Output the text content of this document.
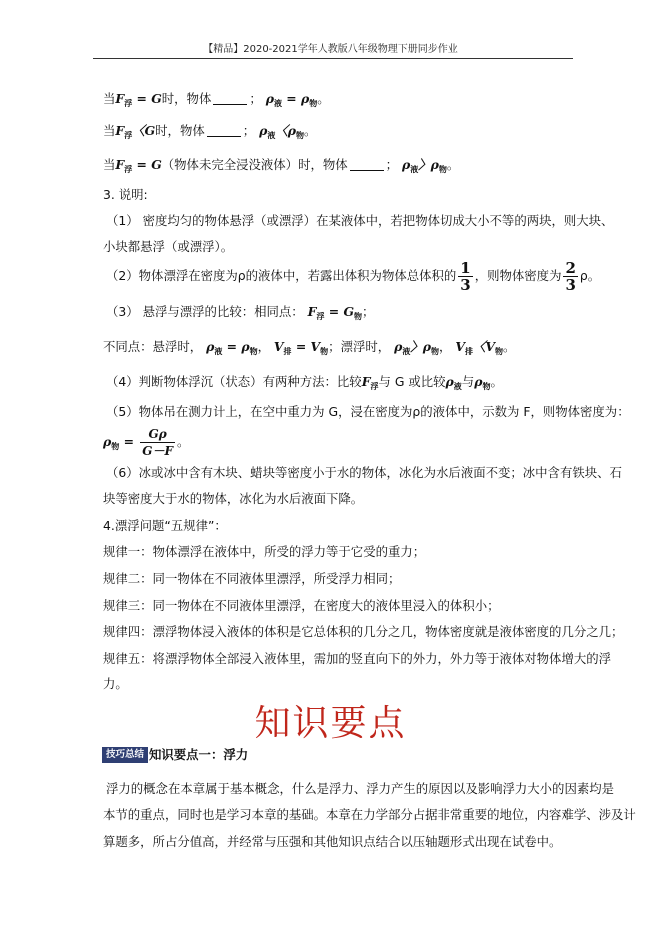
【精品】2020-2021学年人教版八年级物理下册同步作业
当$F_浮 = G$时，物体	； $\rho_液 = \rho_物$。
当$F_浮$〈G时，物体	； $\rho_液$〈$\rho_物$。
当$F_浮 = G$（物体未完全浸没液体）时，物体	； $\rho_液$〉$\rho_物$。
3. 说明:
（1） 密度均匀的物体悬浮（或漂浮）在某液体中，若把物体切成大小不等的两块，则大块、
小块都悬浮（或漂浮）。
（2）物体漂浮在密度为ρ的液体中，若露出体积为物体总体积的 $\frac{1}{3}$ ，则物体密度为 $\frac{2}{3}$ ρ。
（3） 悬浮与漂浮的比较：相同点： $F_浮 = G_物$；
不同点：悬浮时， $\rho_液 = \rho_物$， $V_排 = V_物$；漂浮时， $\rho_液$〉$\rho_物$， $V_排$〈$V_物$。
（4）判断物体浮沉（状态）有两种方法：比较$F_浮$与 G 或比较$\rho_液$与$\rho_物$。
（5）物体吊在测力计上，在空中重力为 G，浸在密度为ρ的液体中，示数为 F，则物体密度为：
$\rho_物 = \frac{G\rho}{G-F}$ 。
（6）冰或冰中含有木块、蜡块等密度小于水的物体，冰化为水后液面不变；冰中含有铁块、石
块等密度大于水的物体，冰化为水后液面下降。
4.漂浮问题“五规律”：
规律一：物体漂浮在液体中，所受的浮力等于它受的重力；
规律二：同一物体在不同液体里漂浮，所受浮力相同；
规律三：同一物体在不同液体里漂浮，在密度大的液体里浸入的体积小；
规律四：漂浮物体浸入液体的体积是它总体积的几分之几，物体密度就是液体密度的几分之几；
规律五：将漂浮物体全部浸入液体里，需加的竖直向下的外力，外力等于液体对物体增大的浮
力。
知识要点
技巧总结 知识要点一：浮力
浮力的概念在本章属于基本概念，什么是浮力、浮力产生的原因以及影响浮力大小的因素均是
本节的重点，同时也是学习本章的基础。本章在力学部分占据非常重要的地位，内容难学、涉及计
算题多，所占分值高，并经常与压强和其他知识点结合以压轴题形式出现在试卷中。
